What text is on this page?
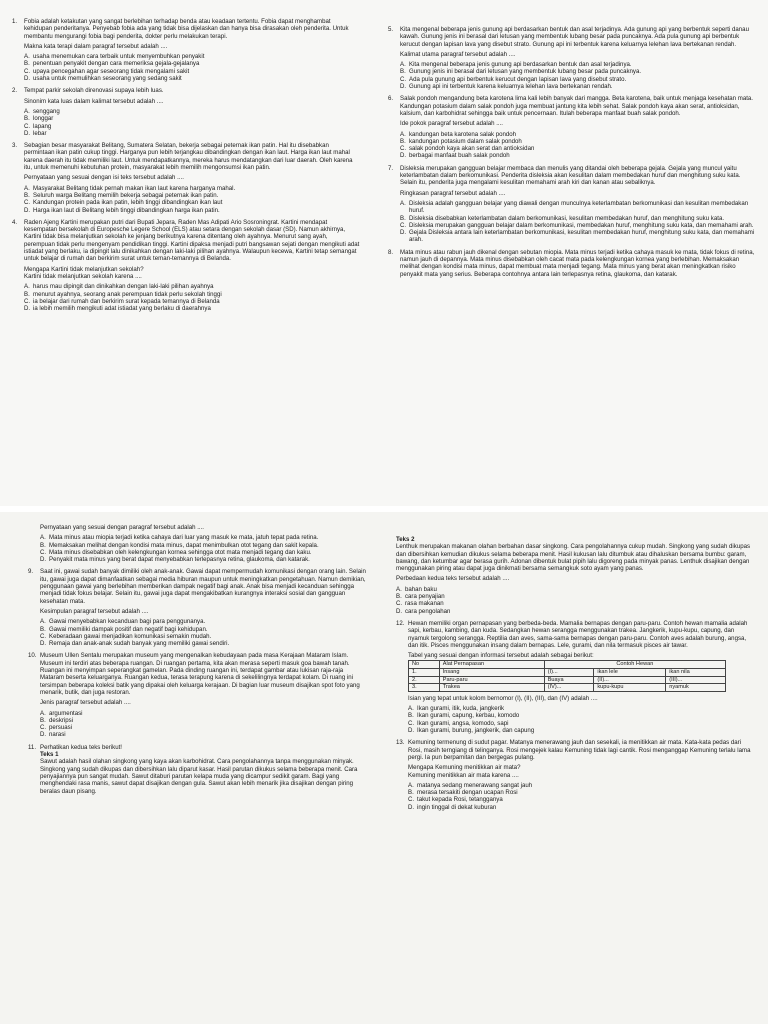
1. Fobia adalah ketakutan yang sangat berlebihan terhadap benda atau keadaan tertentu. Fobia dapat menghambat kehidupan penderitanya. Penyebab fobia ada yang tidak bisa dijelaskan dan hanya bisa dirasakan oleh penderita. Untuk membantu mengurangi fobia bagi penderita, dokter perlu melakukan terapi.

Makna kata terapi dalam paragraf tersebut adalah ....

A. usaha menemukan cara terbaik untuk menyembuhkan penyakit
B. penentuan penyakit dengan cara memeriksa gejala-gejalanya
C. upaya pencegahan agar seseorang tidak mengalami sakit
D. usaha untuk memulihkan seseorang yang sedang sakit
2. Tempat parkir sekolah direnovasi supaya lebih luas.

Sinonim kata luas dalam kalimat tersebut adalah ....

A. senggang
B. longgar
C. lapang
D. lebar
3. Sebagian besar masyarakat Belitang, Sumatera Selatan, bekerja sebagai peternak ikan patin. Hal itu disebabkan permintaan ikan patin cukup tinggi. Harganya pun lebih terjangkau dibandingkan dengan ikan laut. Harga ikan laut mahal karena daerah itu tidak memiliki laut. Untuk mendapatkannya, mereka harus mendatangkan dari luar daerah. Oleh karena itu, untuk memenuhi kebutuhan protein, masyarakat lebih memilih mengonsumsi ikan patin.

Pernyataan yang sesuai dengan isi teks tersebut adalah ....

A. Masyarakat Belitang tidak pernah makan ikan laut karena harganya mahal.
B. Seluruh warga Belitang memilih bekerja sebagai peternak ikan patin.
C. Kandungan protein pada ikan patin, lebih tinggi dibandingkan ikan laut
D. Harga ikan laut di Belitang lebih tinggi dibandingkan harga ikan patin.
4. Raden Ajeng Kartini merupakan putri dari Bupati Jepara, Raden Mas Adipati Ario Sosroningrat. Kartini mendapat kesempatan bersekolah di Europesche Legere School (ELS) atau setara dengan sekolah dasar (SD). Namun akhirnya, Kartini tidak bisa melanjutkan sekolah ke jenjang berikutnya karena ditentang oleh ayahnya. Menurut sang ayah, perempuan tidak perlu mengenyam pendidikan tinggi. Kartini dipaksa menjadi putri bangsawan sejati dengan mengikuti adat istiadat yang berlaku, ia dipingit lalu dinikahkan dengan laki-laki pilihan ayahnya. Walaupun kecewa, Kartini tetap semangat untuk belajar di rumah dan berkirim surat untuk teman-temannya di Belanda.

Mengapa Kartini tidak melanjutkan sekolah?

Kartini tidak melanjutkan sekolah karena ....

A. harus mau dipingit dan dinikahkan dengan laki-laki pilihan ayahnya
B. menurut ayahnya, seorang anak perempuan tidak perlu sekolah tinggi
C. ia belajar dari rumah dan berkirim surat kepada temannya di Belanda
D. ia lebih memilih mengikuti adat istiadat yang berlaku di daerahnya
5. Kita mengenal beberapa jenis gunung api berdasarkan bentuk dan asal terjadinya. Ada gunung api yang berbentuk seperti danau kawah. Gunung jenis ini berasal dari letusan yang membentuk lubang besar pada puncaknya. Ada pula gunung api berbentuk kerucut dengan lapisan lava yang disebut strato. Gunung api ini terbentuk karena keluarnya lelehan lava bertekanan rendah.

Kalimat utama paragraf tersebut adalah ....

A. Kita mengenal beberapa jenis gunung api berdasarkan bentuk dan asal terjadinya.
B. Gunung jenis ini berasal dari letusan yang membentuk lubang besar pada puncaknya.
C. Ada pula gunung api berbentuk kerucut dengan lapisan lava yang disebut strato.
D. Gunung api ini terbentuk karena keluarnya lelehan lava bertekanan rendah.
6. Salak pondoh mengandung beta karotena lima kali lebih banyak dari mangga. Beta karotena, baik untuk menjaga kesehatan mata. Kandungan potasium dalam salak pondoh juga membuat jantung kita lebih sehat. Salak pondoh kaya akan serat, antioksidan, kalsium, dan karbohidrat sehingga baik untuk pencernaan. Itulah beberapa manfaat buah salak pondoh.

Ide pokok paragraf tersebut adalah ....

A. kandungan beta karotena salak pondoh
B. kandungan potasium dalam salak pondoh
C. salak pondoh kaya akan serat dan antioksidan
D. berbagai manfaat buah salak pondoh
7. Disleksia merupakan gangguan belajar membaca dan menulis yang ditandai oleh beberapa gejala. Gejala yang muncul yaitu keterlambatan dalam berkomunikasi. Penderita disleksia akan kesulitan dalam membedakan huruf dan menghitung suku kata. Selain itu, penderita juga mengalami kesulitan memahami arah kiri dan kanan atau sebaliknya.

Ringkasan paragraf tersebut adalah ....

A. Disleksia adalah gangguan belajar yang diawali dengan munculnya keterlambatan berkomunikasi dan kesulitan membedakan huruf.
B. Disleksia disebabkan keterlambatan dalam berkomunikasi, kesulitan membedakan huruf, dan menghitung suku kata.
C. Disleksia merupakan gangguan belajar dalam berkomunikasi, membedakan huruf, menghitung suku kata, dan memahami arah.
D. Gejala Disleksia antara lain keterlambatan berkomunikasi, kesulitan membedakan huruf, menghitung suku kata, dan memahami arah.
8. Mata minus atau rabun jauh dikenal dengan sebutan miopia. Mata minus terjadi ketika cahaya masuk ke mata, tidak fokus di retina, namun jauh di depannya. Mata minus disebabkan oleh cacat mata pada kelengkungan kornea yang berlebihan. Memaksakan melihat dengan kondisi mata minus, dapat membuat mata menjadi tegang. Mata minus yang berat akan meningkatkan risiko penyakit mata yang serius. Beberapa contohnya antara lain terlepasnya retina, glaukoma, dan katarak.

Pernyataan yang sesuai dengan paragraf tersebut adalah ....

A. Mata minus atau miopia terjadi ketika cahaya dari luar yang masuk ke mata, jatuh tepat pada retina.
B. Memaksakan melihat dengan kondisi mata minus, dapat menimbulkan otot tegang dan sakit kepala.
C. Mata minus disebabkan oleh kelengkungan kornea sehingga otot mata menjadi tegang dan kaku.
D. Penyakit mata minus yang berat dapat menyebabkan terlepasnya retina, glaukoma, dan katarak.
9. Saat ini, gawai sudah banyak dimiliki oleh anak-anak. Gawai dapat mempermudah komunikasi dengan orang lain. Selain itu, gawai juga dapat dimanfaatkan sebagai media hiburan maupun untuk meningkatkan pengetahuan. Namun demikian, penggunaan gawai yang berlebihan memberikan dampak negatif bagi anak. Anak bisa menjadi kecanduan sehingga menjadi tidak fokus belajar. Selain itu, gawai juga dapat mengakibatkan kurangnya interaksi sosial dan gangguan kesehatan mata.

Kesimpulan paragraf tersebut adalah ....

A. Gawai menyebabkan kecanduan bagi para penggunanya.
B. Gawai memiliki dampak positif dan negatif bagi kehidupan.
C. Keberadaan gawai menjadikan komunikasi semakin mudah.
D. Remaja dan anak-anak sudah banyak yang memiliki gawai sendiri.
10. Museum Ullen Sentalu merupakan museum yang mengenalkan kebudayaan pada masa Kerajaan Mataram Islam. Museum ini terdiri atas beberapa ruangan. Di ruangan pertama, kita akan merasa seperti masuk goa bawah tanah. Ruangan ini menyimpan seperangkat gamelan. Pada dinding ruangan ini, terdapat gambar atau lukisan raja-raja Mataram beserta keluarganya. Ruangan kedua, terasa terapung karena di sekelilingnya terdapat kolam. Di ruang ini tersimpan beberapa koleksi batik yang dipakai oleh keluarga kerajaan. Di bagian luar museum disajikan spot foto yang menarik, butik, dan juga restoran.

Jenis paragraf tersebut adalah ....

A. argumentasi
B. deskripsi
C. persuasi
D. narasi
11. Perhatikan kedua teks berikut!

Teks 1

Sawut adalah hasil olahan singkong yang kaya akan karbohidrat. Cara pengolahannya tanpa menggunakan minyak. Singkong yang sudah dikupas dan dibersihkan lalu diparut kasar. Hasil parutan dikukus selama beberapa menit. Cara penyajiannya pun sangat mudah. Sawut ditaburi parutan kelapa muda yang dicampur sedikit garam. Bagi yang menghendaki rasa manis, sawut dapat disajikan dengan gula. Sawut akan lebih menarik jika disajikan dengan piring beralas daun pisang.

Teks 2

Lenthuk merupakan makanan olahan berbahan dasar singkong. Cara pengolahannya cukup mudah. Singkong yang sudah dikupas dan dibersihkan kemudian dikukus selama beberapa menit. Hasil kukusan lalu ditumbuk atau dihaluskan bersama bumbu: garam, bawang, dan ketumbar agar berasa gurih. Adonan dibentuk bulat pipih lalu digoreng pada minyak panas. Lenthuk disajikan dengan menggunakan piring atau dapat juga dinikmati bersama semangkuk soto ayam yang panas.

Perbedaan kedua teks tersebut adalah ....

A. bahan baku
B. cara penyajian
C. rasa makanan
D. cara pengolahan
12. Hewan memiliki organ pernapasan yang berbeda-beda. Mamalia bernapas dengan paru-paru. Contoh hewan mamalia adalah sapi, kerbau, kambing, dan kuda. Sedangkan hewan serangga menggunakan trakea. Jangkerik, kupu-kupu, capung, dan nyamuk tergolong serangga. Reptilia dan aves, sama-sama bernapas dengan paru-paru. Contoh aves adalah burung, angsa, dan itik. Pisces menggunakan insang dalam bernapas. Lele, gurami, dan nila termasuk pisces air tawar.

Tabel yang sesuai dengan informasi tersebut adalah sebagai berikut:

No	Alat Pernapasan	Contoh Hewan		
1.	Insang	(I)...	ikan lele	ikan nila
2.	Paru-paru	Buaya	(II)...	(III)...
3.	Trakea	(IV)...	kupu-kupu	nyamuk

Isian yang tepat untuk kolom bernomor (I), (II), (III), dan (IV) adalah ....

A. Ikan gurami, itik, kuda, jangkerik
B. Ikan gurami, capung, kerbau, komodo
C. Ikan gurami, angsa, komodo, sapi
D. Ikan gurami, burung, jangkerik, dan capung
13. Kemuning termenung di sudut pagar. Matanya menerawang jauh dan sesekali, ia menitikkan air mata. Kata-kata pedas dari Rosi, masih terngiang di telinganya. Rosi mengejek kalau Kemuning tidak lagi cantik. Rosi menganggap Kemuning terlalu lama pergi. Ia pun berpamitan dan bergegas pulang.

Mengapa Kemuning menitikkan air mata?

Kemuning menitikkan air mata karena ....

A. matanya sedang menerawang sangat jauh
B. merasa tersakiti dengan ucapan Rosi
C. takut kepada Rosi, tetangganya
D. ingin tinggal di dekat kuburan
